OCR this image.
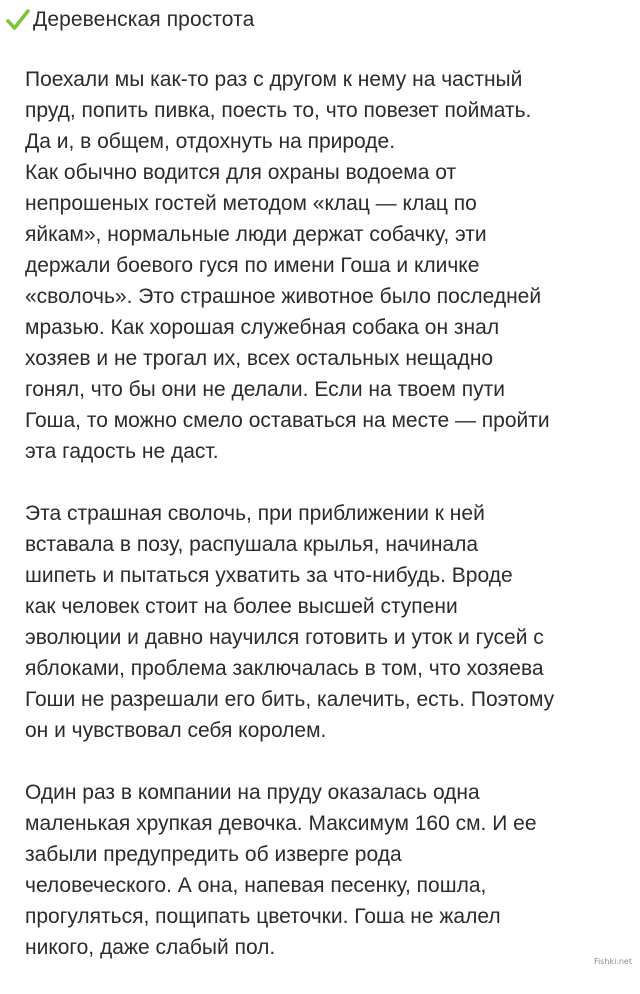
Деревенская простота
Поехали мы как-то раз с другом к нему на частный
пруд, попить пивка, поесть то, что повезет поймать.
Да и, в общем, отдохнуть на природе.
Как обычно водится для охраны водоема от
непрошеных гостей методом «клац — клац по
яйкам», нормальные люди держат собачку, эти
держали боевого гуся по имени Гоша и кличке
«сволочь». Это страшное животное было последней
мразью. Как хорошая служебная собака он знал
хозяев и не трогал их, всех остальных нещадно
гонял, что бы они не делали. Если на твоем пути
Гоша, то можно смело оставаться на месте — пройти
эта гадость не даст.
Эта страшная сволочь, при приближении к ней
вставала в позу, распушала крылья, начинала
шипеть и пытаться ухватить за что-нибудь. Вроде
как человек стоит на более высшей ступени
эволюции и давно научился готовить и уток и гусей с
яблоками, проблема заключалась в том, что хозяева
Гоши не разрешали его бить, калечить, есть. Поэтому
он и чувствовал себя королем.
Один раз в компании на пруду оказалась одна
маленькая хрупкая девочка. Максимум 160 см. И ее
забыли предупредить об изверге рода
человеческого. А она, напевая песенку, пошла,
прогуляться, пощипать цветочки. Гоша не жалел
никого, даже слабый пол.
Fishki.net
